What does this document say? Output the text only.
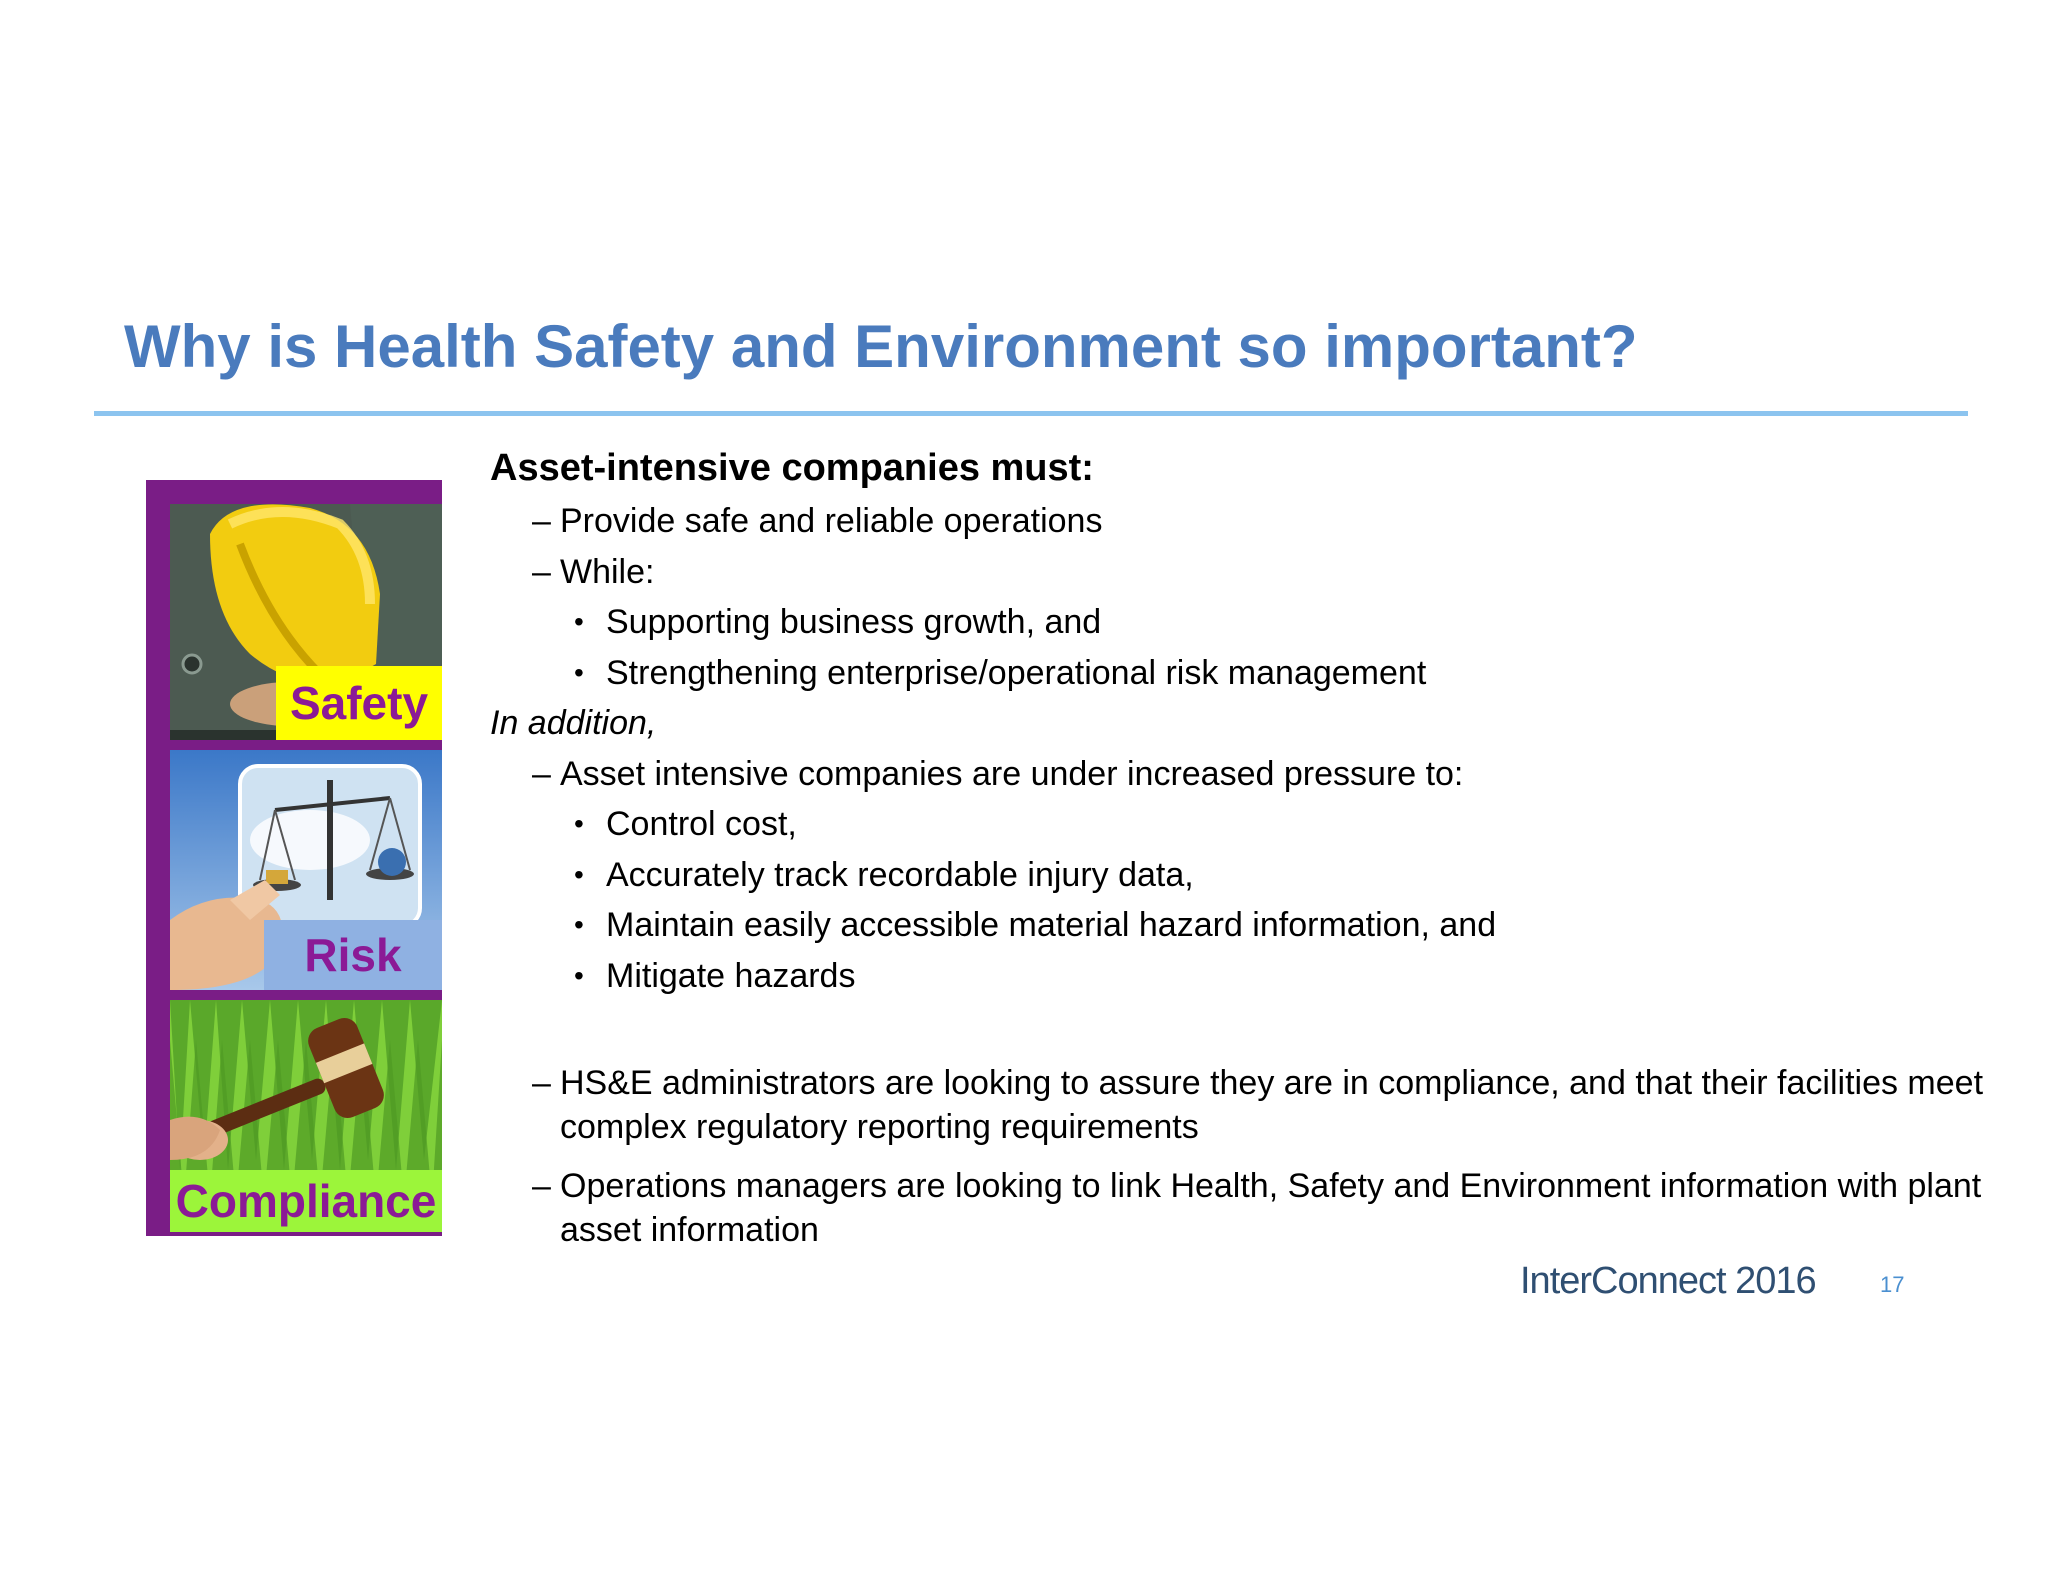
Why is Health Safety and Environment so important?
Safety
Risk
Compliance
Asset-intensive companies must:
– Provide safe and reliable operations
– While:
• Supporting business growth, and
• Strengthening enterprise/operational risk management
In addition,
– Asset intensive companies are under increased pressure to:
• Control cost,
• Accurately track recordable injury data,
• Maintain easily accessible material hazard information, and
• Mitigate hazards
– HS&E administrators are looking to assure they are in compliance, and that their facilities meet complex regulatory reporting requirements
– Operations managers are looking to link Health, Safety and Environment information with plant asset information
InterConnect 2016	17
